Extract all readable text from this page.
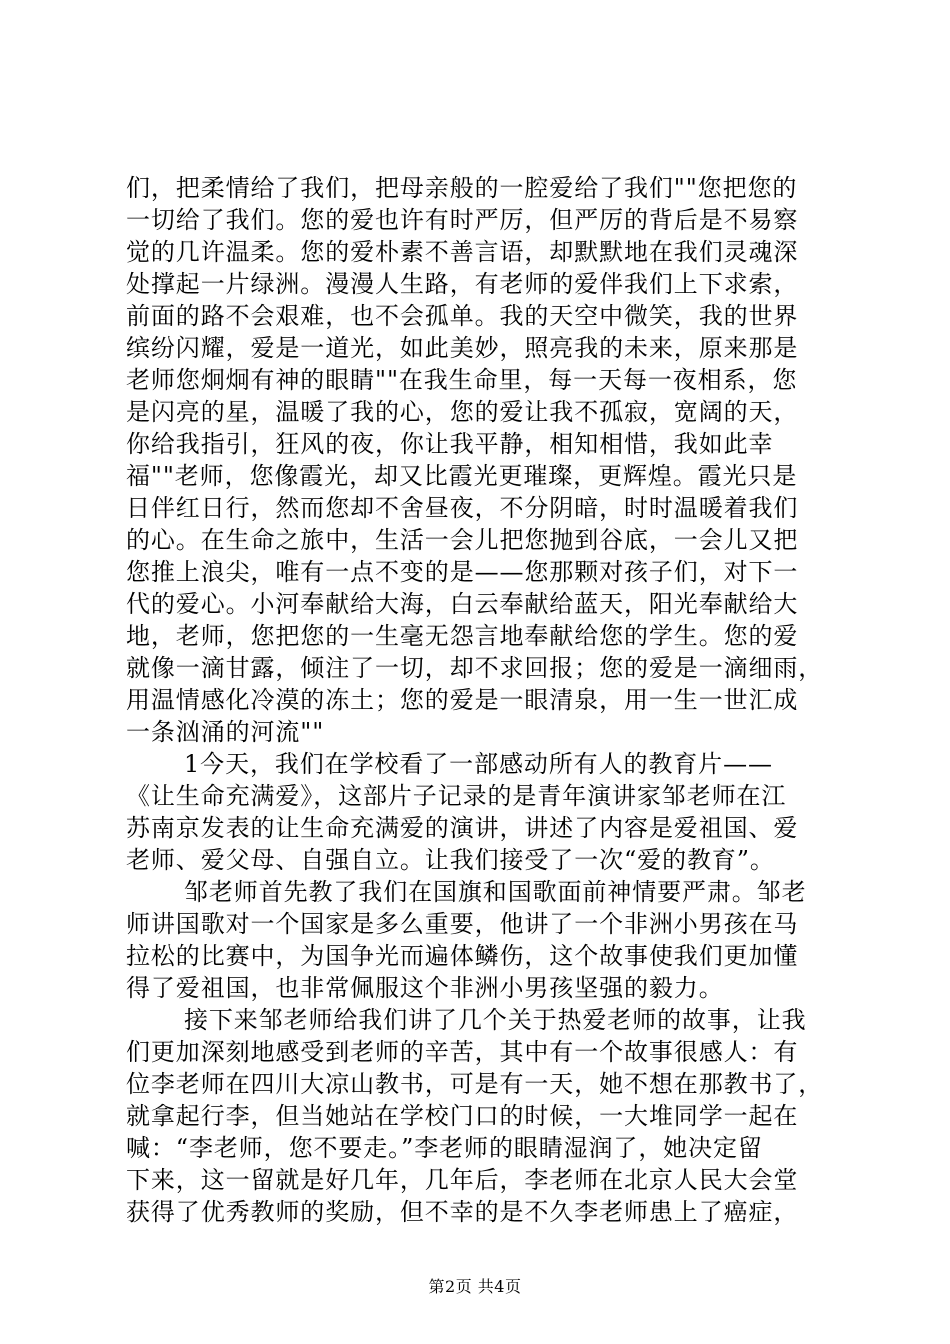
们，把柔情给了我们，把母亲般的一腔爱给了我们""您把您的
一切给了我们。您的爱也许有时严厉，但严厉的背后是不易察
觉的几许温柔。您的爱朴素不善言语，却默默地在我们灵魂深
处撑起一片绿洲。漫漫人生路，有老师的爱伴我们上下求索，
前面的路不会艰难，也不会孤单。我的天空中微笑，我的世界
缤纷闪耀，爱是一道光，如此美妙，照亮我的未来，原来那是
老师您炯炯有神的眼睛""在我生命里，每一天每一夜相系，您
是闪亮的星，温暖了我的心，您的爱让我不孤寂，宽阔的天，
你给我指引，狂风的夜，你让我平静，相知相惜，我如此幸
福""老师，您像霞光，却又比霞光更璀璨，更辉煌。霞光只是
日伴红日行，然而您却不舍昼夜，不分阴暗，时时温暖着我们
的心。在生命之旅中，生活一会儿把您抛到谷底，一会儿又把
您推上浪尖，唯有一点不变的是——您那颗对孩子们，对下一
代的爱心。小河奉献给大海，白云奉献给蓝天，阳光奉献给大
地，老师，您把您的一生毫无怨言地奉献给您的学生。您的爱
就像一滴甘露，倾注了一切，却不求回报；您的爱是一滴细雨，
用温情感化冷漠的冻土；您的爱是一眼清泉，用一生一世汇成
一条汹涌的河流""
1今天，我们在学校看了一部感动所有人的教育片——
《让生命充满爱》，这部片子记录的是青年演讲家邹老师在江
苏南京发表的让生命充满爱的演讲，讲述了内容是爱祖国、爱
老师、爱父母、自强自立。让我们接受了一次“爱的教育”。
邹老师首先教了我们在国旗和国歌面前神情要严肃。邹老
师讲国歌对一个国家是多么重要，他讲了一个非洲小男孩在马
拉松的比赛中，为国争光而遍体鳞伤，这个故事使我们更加懂
得了爱祖国，也非常佩服这个非洲小男孩坚强的毅力。
接下来邹老师给我们讲了几个关于热爱老师的故事，让我
们更加深刻地感受到老师的辛苦，其中有一个故事很感人：有
位李老师在四川大凉山教书，可是有一天，她不想在那教书了，
就拿起行李，但当她站在学校门口的时候，一大堆同学一起在
喊：“李老师，您不要走。”李老师的眼睛湿润了，她决定留
下来，这一留就是好几年，几年后，李老师在北京人民大会堂
获得了优秀教师的奖励，但不幸的是不久李老师患上了癌症，
第2页 共4页
